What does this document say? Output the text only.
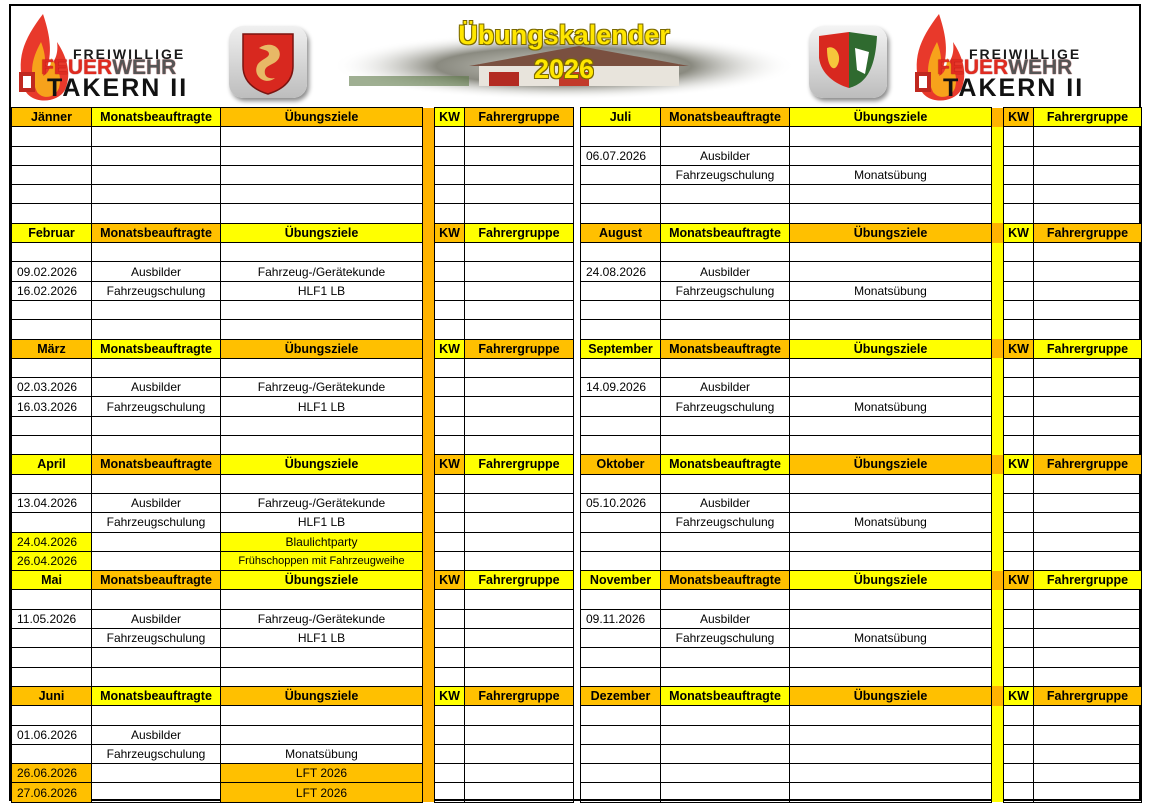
FREIWILLIGE
FEUERWEHR
TAKERN II
Übungskalender
2026	FREIWILLIGE
FEUERWEHR
TAKERN II
Jänner	Monatsbeauftragte	Übungsziele		KW	Fahrergruppe

Februar	Monatsbeauftragte	Übungsziele		KW	Fahrergruppe

09.02.2026	Ausbilder	Fahrzeug-/Gerätekunde			
16.02.2026	Fahrzeugschulung	HLF1 LB			

März	Monatsbeauftragte	Übungsziele		KW	Fahrergruppe

02.03.2026	Ausbilder	Fahrzeug-/Gerätekunde			
16.03.2026	Fahrzeugschulung	HLF1 LB			

April	Monatsbeauftragte	Übungsziele		KW	Fahrergruppe

13.04.2026	Ausbilder	Fahrzeug-/Gerätekunde			
	Fahrzeugschulung	HLF1 LB			
24.04.2026		Blaulichtparty			
26.04.2026		Frühschoppen mit Fahrzeugweihe			
Mai	Monatsbeauftragte	Übungsziele		KW	Fahrergruppe

11.05.2026	Ausbilder	Fahrzeug-/Gerätekunde			
	Fahrzeugschulung	HLF1 LB			

Juni	Monatsbeauftragte	Übungsziele		KW	Fahrergruppe

01.06.2026	Ausbilder				
	Fahrzeugschulung	Monatsübung			
26.06.2026		LFT 2026			
27.06.2026		LFT 2026			
Juli	Monatsbeauftragte	Übungsziele		KW	Fahrergruppe

06.07.2026	Ausbilder				
	Fahrzeugschulung	Monatsübung			

August	Monatsbeauftragte	Übungsziele		KW	Fahrergruppe

24.08.2026	Ausbilder				
	Fahrzeugschulung	Monatsübung			

September	Monatsbeauftragte	Übungsziele		KW	Fahrergruppe

14.09.2026	Ausbilder				
	Fahrzeugschulung	Monatsübung			

Oktober	Monatsbeauftragte	Übungsziele		KW	Fahrergruppe

05.10.2026	Ausbilder				
	Fahrzeugschulung	Monatsübung			

November	Monatsbeauftragte	Übungsziele		KW	Fahrergruppe

09.11.2026	Ausbilder				
	Fahrzeugschulung	Monatsübung			

Dezember	Monatsbeauftragte	Übungsziele		KW	Fahrergruppe
